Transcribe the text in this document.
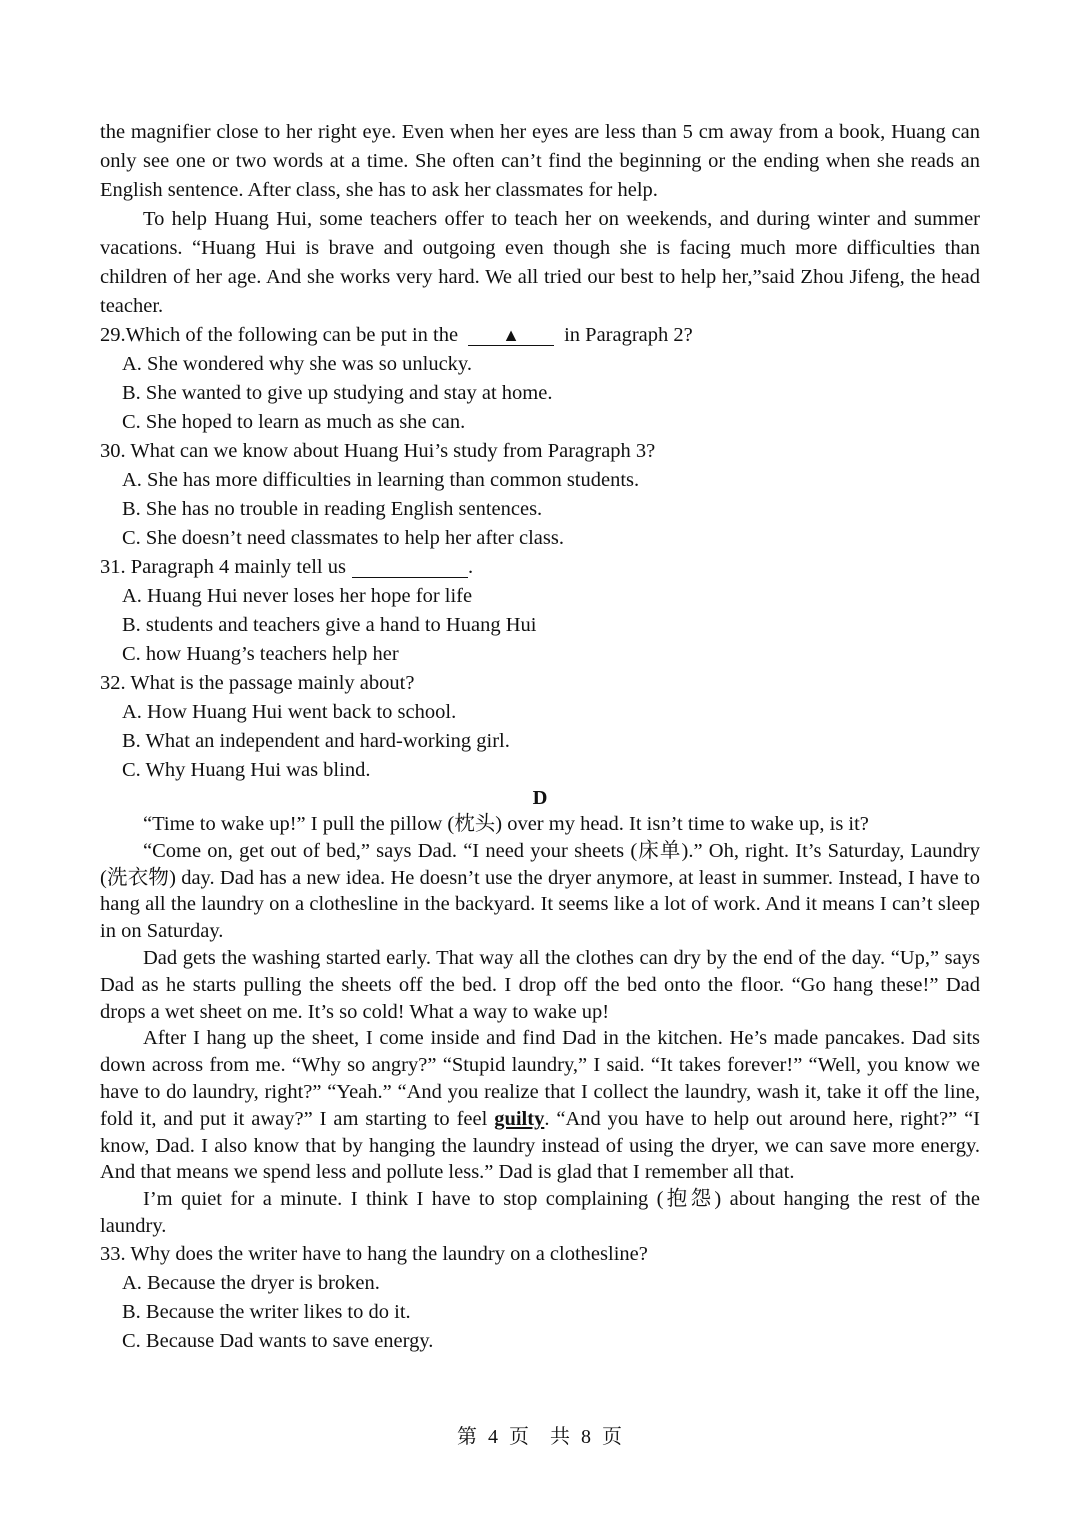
the magnifier close to her right eye. Even when her eyes are less than 5 cm away from a book, Huang can only see one or two words at a time. She often can’t find the beginning or the ending when she reads an English sentence. After class, she has to ask her classmates for help.

To help Huang Hui, some teachers offer to teach her on weekends, and during winter and summer vacations. “Huang Hui is brave and outgoing even though she is facing much more difficulties than children of her age. And she works very hard. We all tried our best to help her,”said Zhou Jifeng, the head teacher.

29.Which of the following can be put in the ▲ in Paragraph 2?

A. She wondered why she was so unlucky.

B. She wanted to give up studying and stay at home.

C. She hoped to learn as much as she can.

30. What can we know about Huang Hui’s study from Paragraph 3?

A. She has more difficulties in learning than common students.

B. She has no trouble in reading English sentences.

C. She doesn’t need classmates to help her after class.

31. Paragraph 4 mainly tell us	.

A. Huang Hui never loses her hope for life

B. students and teachers give a hand to Huang Hui

C. how Huang’s teachers help her

32. What is the passage mainly about?

A. How Huang Hui went back to school.

B. What an independent and hard-working girl.

C. Why Huang Hui was blind.

D

“Time to wake up!” I pull the pillow (枕头) over my head. It isn’t time to wake up, is it?

“Come on, get out of bed,” says Dad. “I need your sheets (床单).” Oh, right. It’s Saturday, Laundry (洗衣物) day. Dad has a new idea. He doesn’t use the dryer anymore, at least in summer. Instead, I have to hang all the laundry on a clothesline in the backyard. It seems like a lot of work. And it means I can’t sleep in on Saturday.

Dad gets the washing started early. That way all the clothes can dry by the end of the day. “Up,” says Dad as he starts pulling the sheets off the bed. I drop off the bed onto the floor. “Go hang these!” Dad drops a wet sheet on me. It’s so cold! What a way to wake up!

After I hang up the sheet, I come inside and find Dad in the kitchen. He’s made pancakes. Dad sits down across from me. “Why so angry?” “Stupid laundry,” I said. “It takes forever!” “Well, you know we have to do laundry, right?” “Yeah.” “And you realize that I collect the laundry, wash it, take it off the line, fold it, and put it away?” I am starting to feel guilty. “And you have to help out around here, right?” “I know, Dad. I also know that by hanging the laundry instead of using the dryer, we can save more energy. And that means we spend less and pollute less.” Dad is glad that I remember all that.

I’m quiet for a minute. I think I have to stop complaining (抱怨) about hanging the rest of the laundry.

33. Why does the writer have to hang the laundry on a clothesline?

A. Because the dryer is broken.

B. Because the writer likes to do it.

C. Because Dad wants to save energy.

第 4 页 共 8 页
